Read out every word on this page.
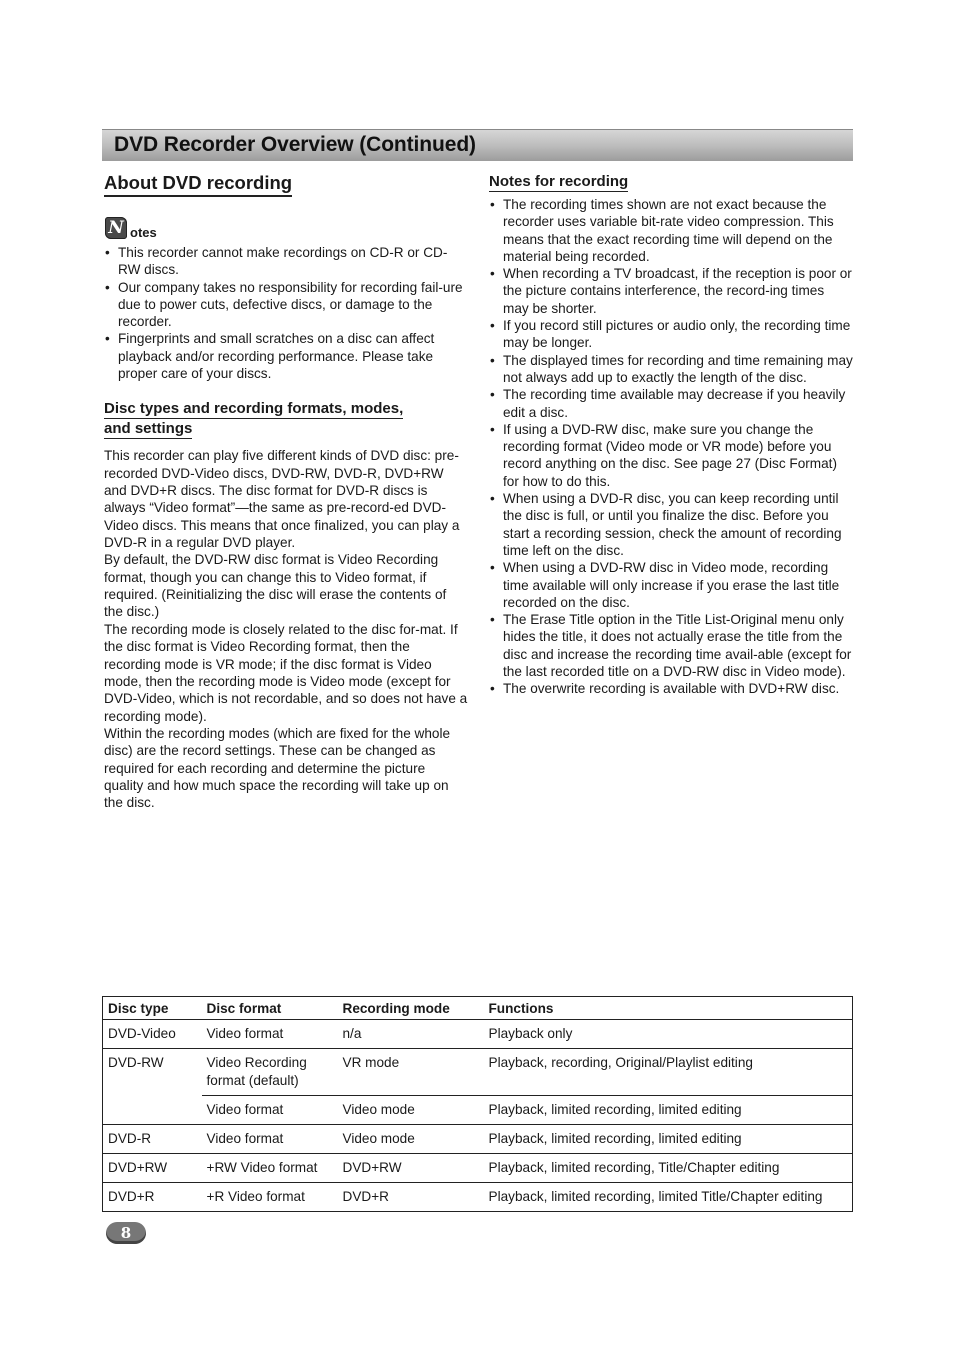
DVD Recorder Overview (Continued)
About DVD recording
N otes
• This recorder cannot make recordings on CD-R or CD-RW discs.
• Our company takes no responsibility for recording fail-ure due to power cuts, defective discs, or damage to the recorder.
• Fingerprints and small scratches on a disc can affect playback and/or recording performance. Please take proper care of your discs.
Disc types and recording formats, modes,
and settings

This recorder can play five different kinds of DVD disc: pre-recorded DVD-Video discs, DVD-RW, DVD-R, DVD+RW and DVD+R discs. The disc format for DVD-R discs is always “Video format”—the same as pre-record-ed DVD-Video discs. This means that once finalized, you can play a DVD-R in a regular DVD player.

By default, the DVD-RW disc format is Video Recording format, though you can change this to Video format, if required. (Reinitializing the disc will erase the contents of the disc.)

The recording mode is closely related to the disc for-mat. If the disc format is Video Recording format, then the recording mode is VR mode; if the disc format is Video mode, then the recording mode is Video mode (except for DVD-Video, which is not recordable, and so does not have a recording mode).

Within the recording modes (which are fixed for the whole disc) are the record settings. These can be changed as required for each recording and determine the picture quality and how much space the recording will take up on the disc.

Notes for recording
• The recording times shown are not exact because the recorder uses variable bit-rate video compression. This means that the exact recording time will depend on the material being recorded.
• When recording a TV broadcast, if the reception is poor or the picture contains interference, the record-ing times may be shorter.
• If you record still pictures or audio only, the recording time may be longer.
• The displayed times for recording and time remaining may not always add up to exactly the length of the disc.
• The recording time available may decrease if you heavily edit a disc.
• If using a DVD-RW disc, make sure you change the recording format (Video mode or VR mode) before you record anything on the disc. See page 27 (Disc Format) for how to do this.
• When using a DVD-R disc, you can keep recording until the disc is full, or until you finalize the disc. Before you start a recording session, check the amount of recording time left on the disc.
• When using a DVD-RW disc in Video mode, recording time available will only increase if you erase the last title recorded on the disc.
• The Erase Title option in the Title List-Original menu only hides the title, it does not actually erase the title from the disc and increase the recording time avail-able (except for the last recorded title on a DVD-RW disc in Video mode).
• The overwrite recording is available with DVD+RW disc.
Disc type	Disc format	Recording mode	Functions
DVD-Video	Video format	n/a	Playback only
DVD-RW	Video Recording format (default)	VR mode	Playback, recording, Original/Playlist editing
	Video format	Video mode	Playback, limited recording, limited editing
DVD-R	Video format	Video mode	Playback, limited recording, limited editing
DVD+RW	+RW Video format	DVD+RW	Playback, limited recording, Title/Chapter editing
DVD+R	+R Video format	DVD+R	Playback, limited recording, limited Title/Chapter editing
8
